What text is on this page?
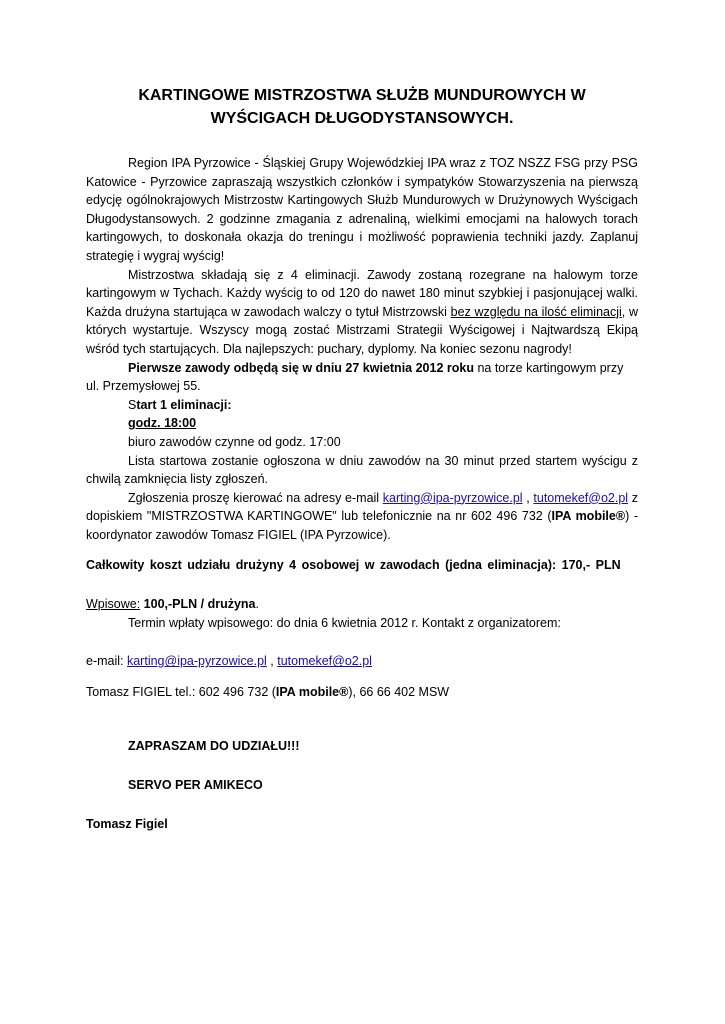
KARTINGOWE MISTRZOSTWA SŁUŻB MUNDUROWYCH W
WYŚCIGACH DŁUGODYSTANSOWYCH.

Region IPA Pyrzowice - Śląskiej Grupy Wojewódzkiej IPA wraz z TOZ NSZZ FSG przy PSG Katowice - Pyrzowice zapraszają wszystkich członków i sympatyków Stowarzyszenia na pierwszą edycję ogólnokrajowych Mistrzostw Kartingowych Służb Mundurowych w Drużynowych Wyścigach Długodystansowych. 2 godzinne zmagania z adrenaliną, wielkimi emocjami na halowych torach kartingowych, to doskonała okazja do treningu i możliwość poprawienia techniki jazdy. Zaplanuj strategię i wygraj wyścig!

Mistrzostwa składają się z 4 eliminacji. Zawody zostaną rozegrane na halowym torze kartingowym w Tychach. Każdy wyścig to od 120 do nawet 180 minut szybkiej i pasjonującej walki. Każda drużyna startująca w zawodach walczy o tytuł Mistrzowski bez względu na ilość eliminacji, w których wystartuje. Wszyscy mogą zostać Mistrzami Strategii Wyścigowej i Najtwardszą Ekipą wśród tych startujących. Dla najlepszych: puchary, dyplomy. Na koniec sezonu nagrody!

Pierwsze zawody odbędą się w dniu 27 kwietnia 2012 roku na torze kartingowym przy ul. Przemysłowej 55.

Start 1 eliminacji:

godz. 18:00

biuro zawodów czynne od godz. 17:00

Lista startowa zostanie ogłoszona w dniu zawodów na 30 minut przed startem wyścigu z chwilą zamknięcia listy zgłoszeń.

Zgłoszenia proszę kierować na adresy e-mail karting@ipa-pyrzowice.pl , tutomekef@o2.pl z dopiskiem "MISTRZOSTWA KARTINGOWE" lub telefonicznie na nr 602 496 732 (IPA mobile®) - koordynator zawodów Tomasz FIGIEL (IPA Pyrzowice).

Całkowity koszt udziału drużyny 4 osobowej w zawodach (jedna eliminacja): 170,- PLN

Wpisowe: 100,-PLN / drużyna.

Termin wpłaty wpisowego: do dnia 6 kwietnia 2012 r. Kontakt z organizatorem:

e-mail: karting@ipa-pyrzowice.pl , tutomekef@o2.pl

Tomasz FIGIEL tel.: 602 496 732 (IPA mobile®), 66 66 402 MSW

ZAPRASZAM DO UDZIAŁU!!!

SERVO PER AMIKECO

Tomasz Figiel
